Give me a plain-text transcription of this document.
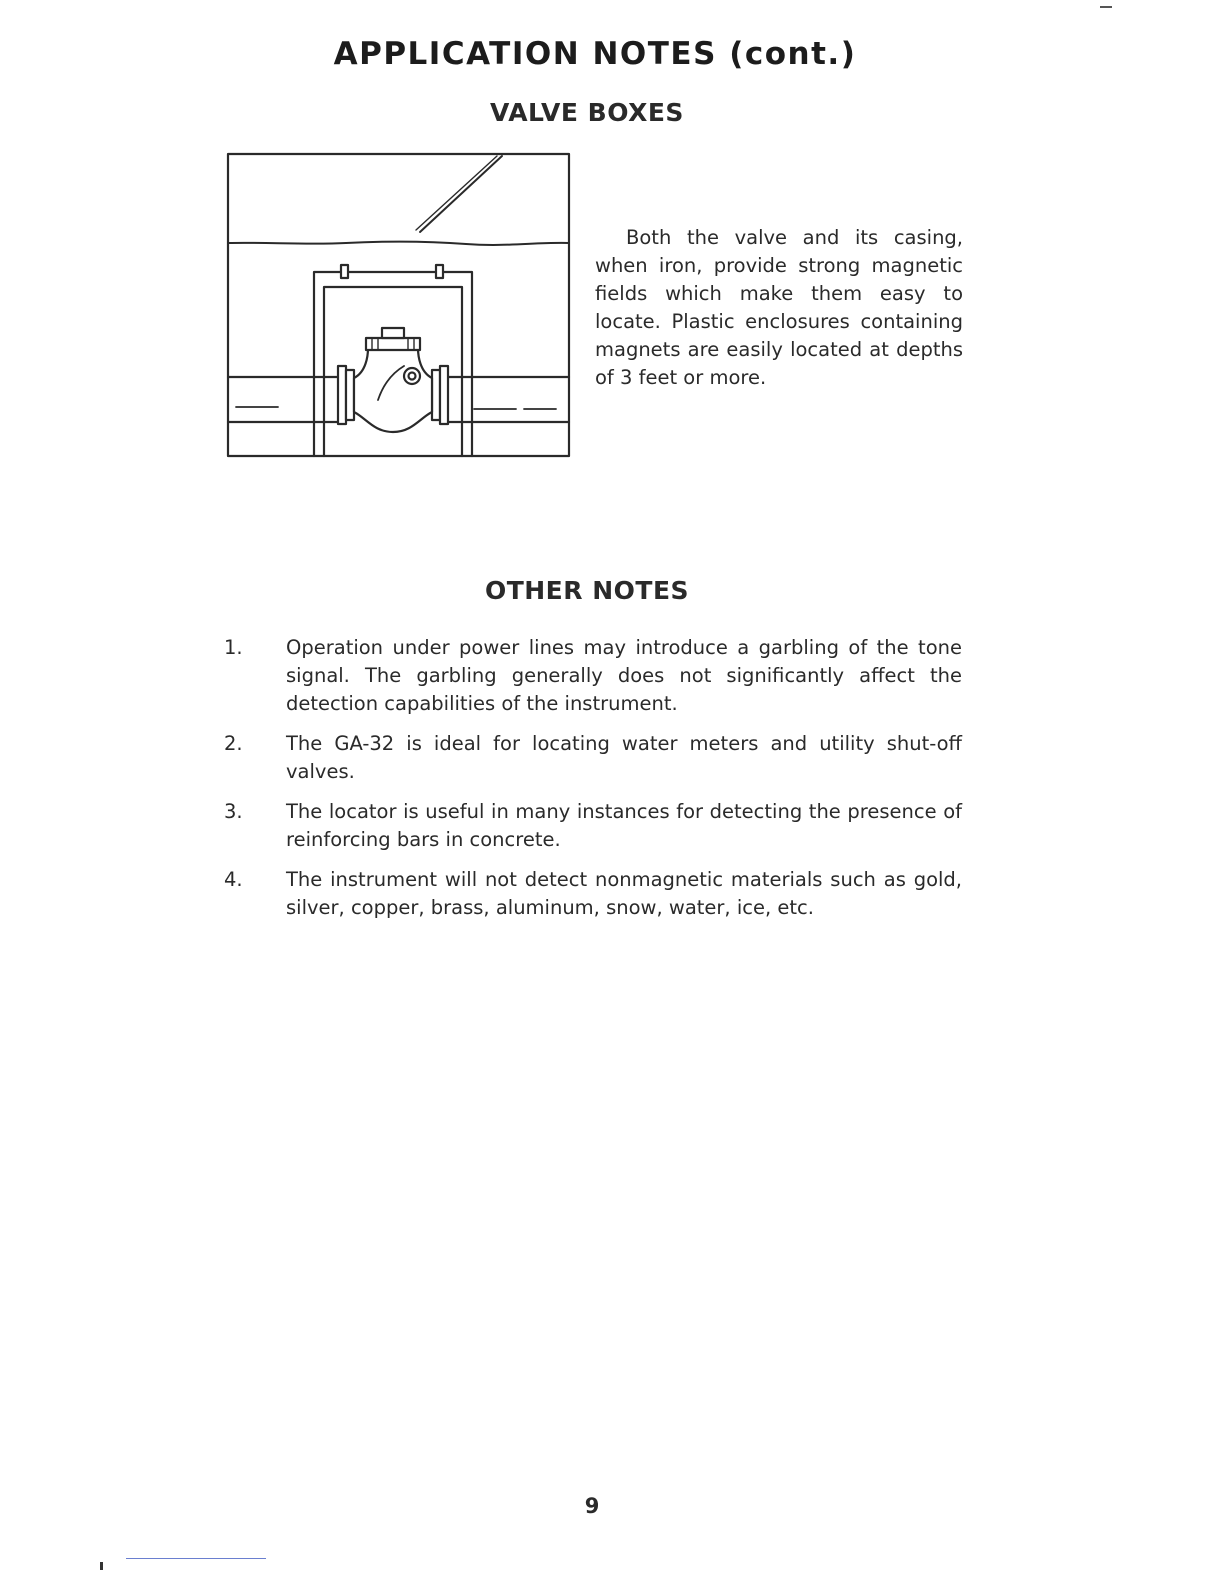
APPLICATION NOTES (cont.)
VALVE BOXES

Both the valve and its casing, when iron, provide strong magnetic fields which make them easy to locate. Plastic enclosures containing magnets are easily located at depths of 3 feet or more.

OTHER NOTES
1. Operation under power lines may introduce a garbling of the tone signal. The garbling generally does not significantly affect the detection capabilities of the instrument.
2. The GA-32 is ideal for locating water meters and utility shut-off valves.
3. The locator is useful in many instances for detecting the presence of reinforcing bars in concrete.
4. The instrument will not detect nonmagnetic materials such as gold, silver, copper, brass, aluminum, snow, water, ice, etc.

9
